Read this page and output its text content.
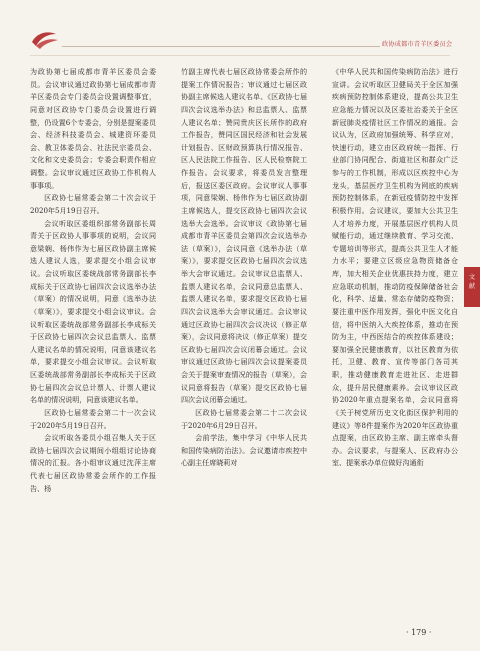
政协成都市青羊区委员会

为政协第七届成都市青羊区委员会委员。会议审议通过政协第七届成都市青羊区委员会专门委员会设置调整事宜，同意对区政协专门委员会设置进行调整，仍设置6个专委会，分别是提案委员会、经济科技委员会、城建资环委员会、教卫体委员会、社法民宗委员会、文化和文史委员会；专委会职责作相应调整。会议审议通过区政协工作机构人事事项。

区政协七届常委会第二十次会议于2020年5月19日召开。

会议听取区委组织部常务副部长周青关于区政协人事事项的说明，会议同意梁娴、杨伟作为七届区政协副主席候选人建议人选，要求提交小组会议审议。会议听取区委统战部常务副部长李成标关于区政协七届四次会议选举办法（草案）的情况说明，同意《选举办法（草案）》，要求提交小组会议审议。会议听取区委统战部常务副部长李成标关于区政协七届四次会议总监票人、监票人建议名单的情况说明，同意该建议名单，要求提交小组会议审议。会议听取区委统战部常务副部长李成标关于区政协七届四次会议总计票人、计票人建议名单的情况说明，同意该建议名单。

区政协七届常委会第二十一次会议于2020年5月19日召开。

会议听取各委员小组召集人关于区政协七届四次会议期间小组组讨论协商情况的汇报。各小组审议通过沈萍主席代表七届区政协常委会所作的工作报告、杨

竹副主席代表七届区政协常委会所作的提案工作情况报告；审议通过七届区政协副主席候选人建议名单、《区政协七届四次会议选举办法》和总监票人、监票人建议名单；赞同贵庆区长所作的政府工作报告，赞同区国民经济和社会发展计划报告、区财政预算执行情况报告、区人民法院工作报告、区人民检察院工作报告。会议要求，将委员发言整理后，报送区委区政府。会议审议人事事项，同意梁娴、杨伟作为七届区政协副主席候选人，提交区政协七届四次会议选举大会选举。会议审议《政协第七届成都市青羊区委员会第四次会议选举办法（草案）》，会议同意《选举办法（草案）》，要求提交区政协七届四次会议选举大会审议通过。会议审议总监票人、监票人建议名单，会议同意总监票人、监票人建议名单，要求提交区政协七届四次会议选举大会审议通过。会议审议通过区政协七届四次会议决议（修正草案），会议同意将决议（修正草案）提交区政协七届四次会议闭幕会通过。会议审议通过区政协七届四次会议提案委员会关于提案审查情况的报告（草案），会议同意将报告（草案）提交区政协七届四次会议闭幕会通过。

区政协七届常委会第二十二次会议于2020年6月29日召开。

会前学法，集中学习《中华人民共和国传染病防治法》。会议邀请市疾控中心副主任席晓莉对

《中华人民共和国传染病防治法》进行宣讲。会议听取区卫健局关于全区加强疾病预防控制体系建设，提高公共卫生应急能力情况以及区委社治委关于全区新冠肺炎疫情社区工作情况的通报。会议认为，区政府加强统筹、科学应对，快速行动，建立由区政府统一指挥、行业部门协同配合、街道社区和群众广泛参与的工作机制，形成以区疾控中心为龙头，基层医疗卫生机构为网底的疾病预防控制体系，在新冠疫情防控中发挥积极作用。会议建议，要加大公共卫生人才培养力度，开展基层医疗机构人员赋能行动，通过继续教育、学习交流、专题培训等形式，提高公共卫生人才能力水平；要建立区级应急物资储备仓库，加大相关企业优惠扶持力度，建立应急联动机制，推动防疫保障储备社会化，科学、适量、常态存储防疫物资；要注重中医作用发挥，强化中医文化自信，将中医纳入大疾控体系，推动在预防为主，中西医结合的疾控体系建设；要加强全民健康教育，以社区教育为依托，卫健、教育、宣传等部门各司其职，推动健康教育走进社区、走进群众，提升居民健康素养。会议审议区政协2020年重点提案名单，会议同意将《关于树党所历史文化街区保护利用的建议》等8件提案作为2020年区政协重点提案，由区政协主席、副主席牵头督办。会议要求，与提案人、区政府办公室、提案承办单位做好沟通衔

文献
· 179 ·
